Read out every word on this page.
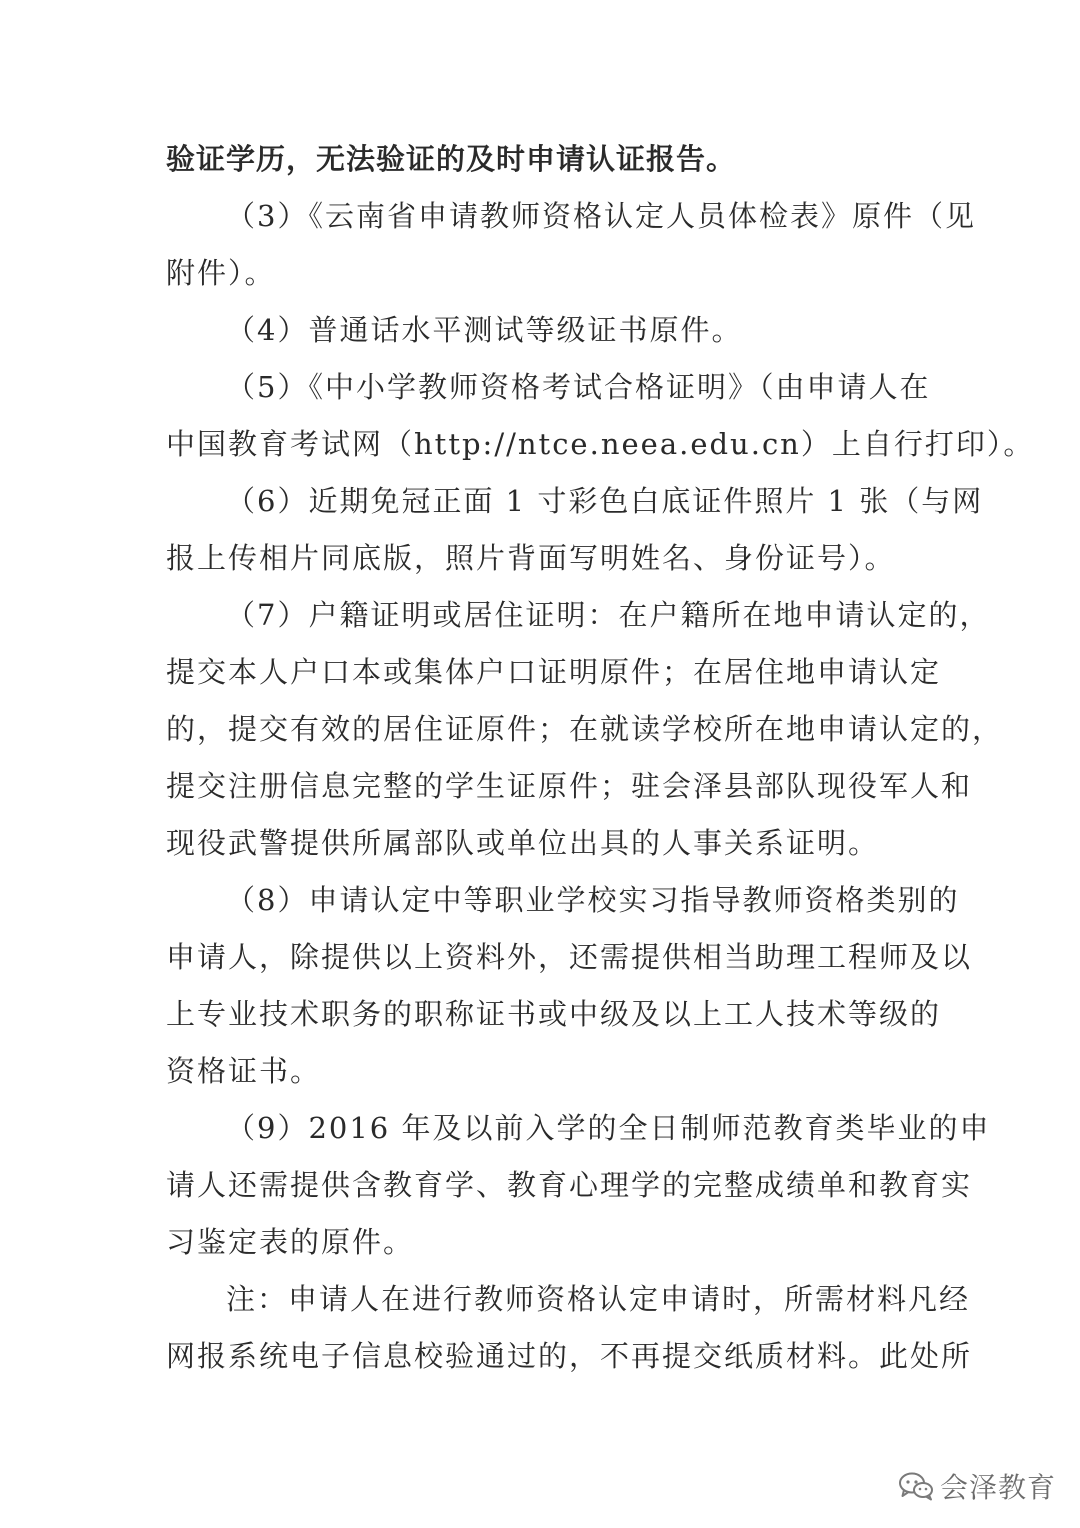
验证学历，无法验证的及时申请认证报告。
（3）《云南省申请教师资格认定人员体检表》原件（见
附件）。
（4）普通话水平测试等级证书原件。
（5）《中小学教师资格考试合格证明》（由申请人在
中国教育考试网（http://ntce.neea.edu.cn）上自行打印）。
（6）近期免冠正面 1 寸彩色白底证件照片 1 张（与网
报上传相片同底版，照片背面写明姓名、身份证号）。
（7）户籍证明或居住证明：在户籍所在地申请认定的，
提交本人户口本或集体户口证明原件；在居住地申请认定
的，提交有效的居住证原件；在就读学校所在地申请认定的，
提交注册信息完整的学生证原件；驻会泽县部队现役军人和
现役武警提供所属部队或单位出具的人事关系证明。
（8）申请认定中等职业学校实习指导教师资格类别的
申请人，除提供以上资料外，还需提供相当助理工程师及以
上专业技术职务的职称证书或中级及以上工人技术等级的
资格证书。
（9）2016 年及以前入学的全日制师范教育类毕业的申
请人还需提供含教育学、教育心理学的完整成绩单和教育实
习鉴定表的原件。
注：申请人在进行教师资格认定申请时，所需材料凡经
网报系统电子信息校验通过的，不再提交纸质材料。此处所
会泽教育
